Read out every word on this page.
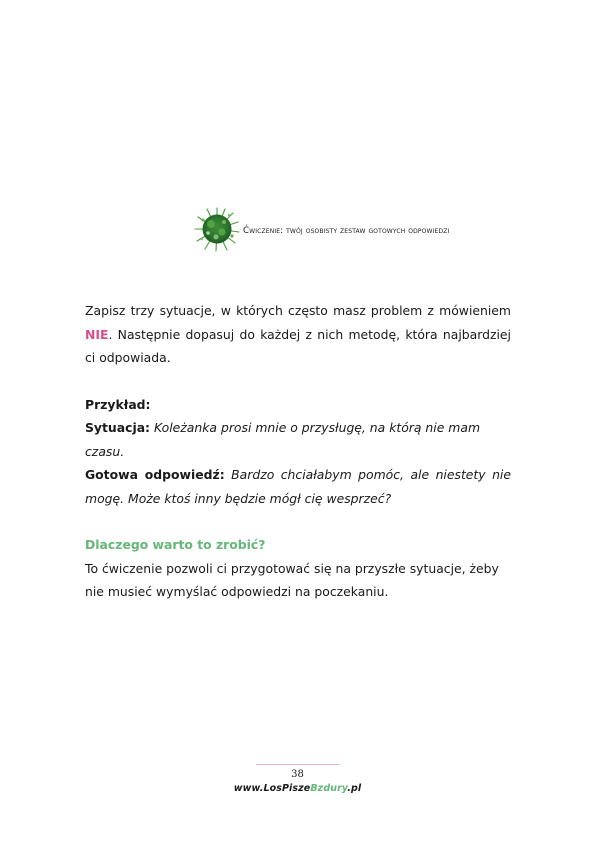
Ćwiczenie: twój osobisty zestaw gotowych odpowiedzi

Zapisz trzy sytuacje, w których często masz problem z mówieniem NIE. Następnie dopasuj do każdej z nich metodę, która najbardziej ci odpowiada.

Przykład:

Sytuacja: Koleżanka prosi mnie o przysługę, na którą nie mam czasu.

Gotowa odpowiedź: Bardzo chciałabym pomóc, ale niestety nie mogę. Może ktoś inny będzie mógł cię wesprzeć?

Dlaczego warto to zrobić?

To ćwiczenie pozwoli ci przygotować się na przyszłe sytuacje, żeby nie musieć wymyślać odpowiedzi na poczekaniu.

38
www.LosPiszeBzdury.pl
